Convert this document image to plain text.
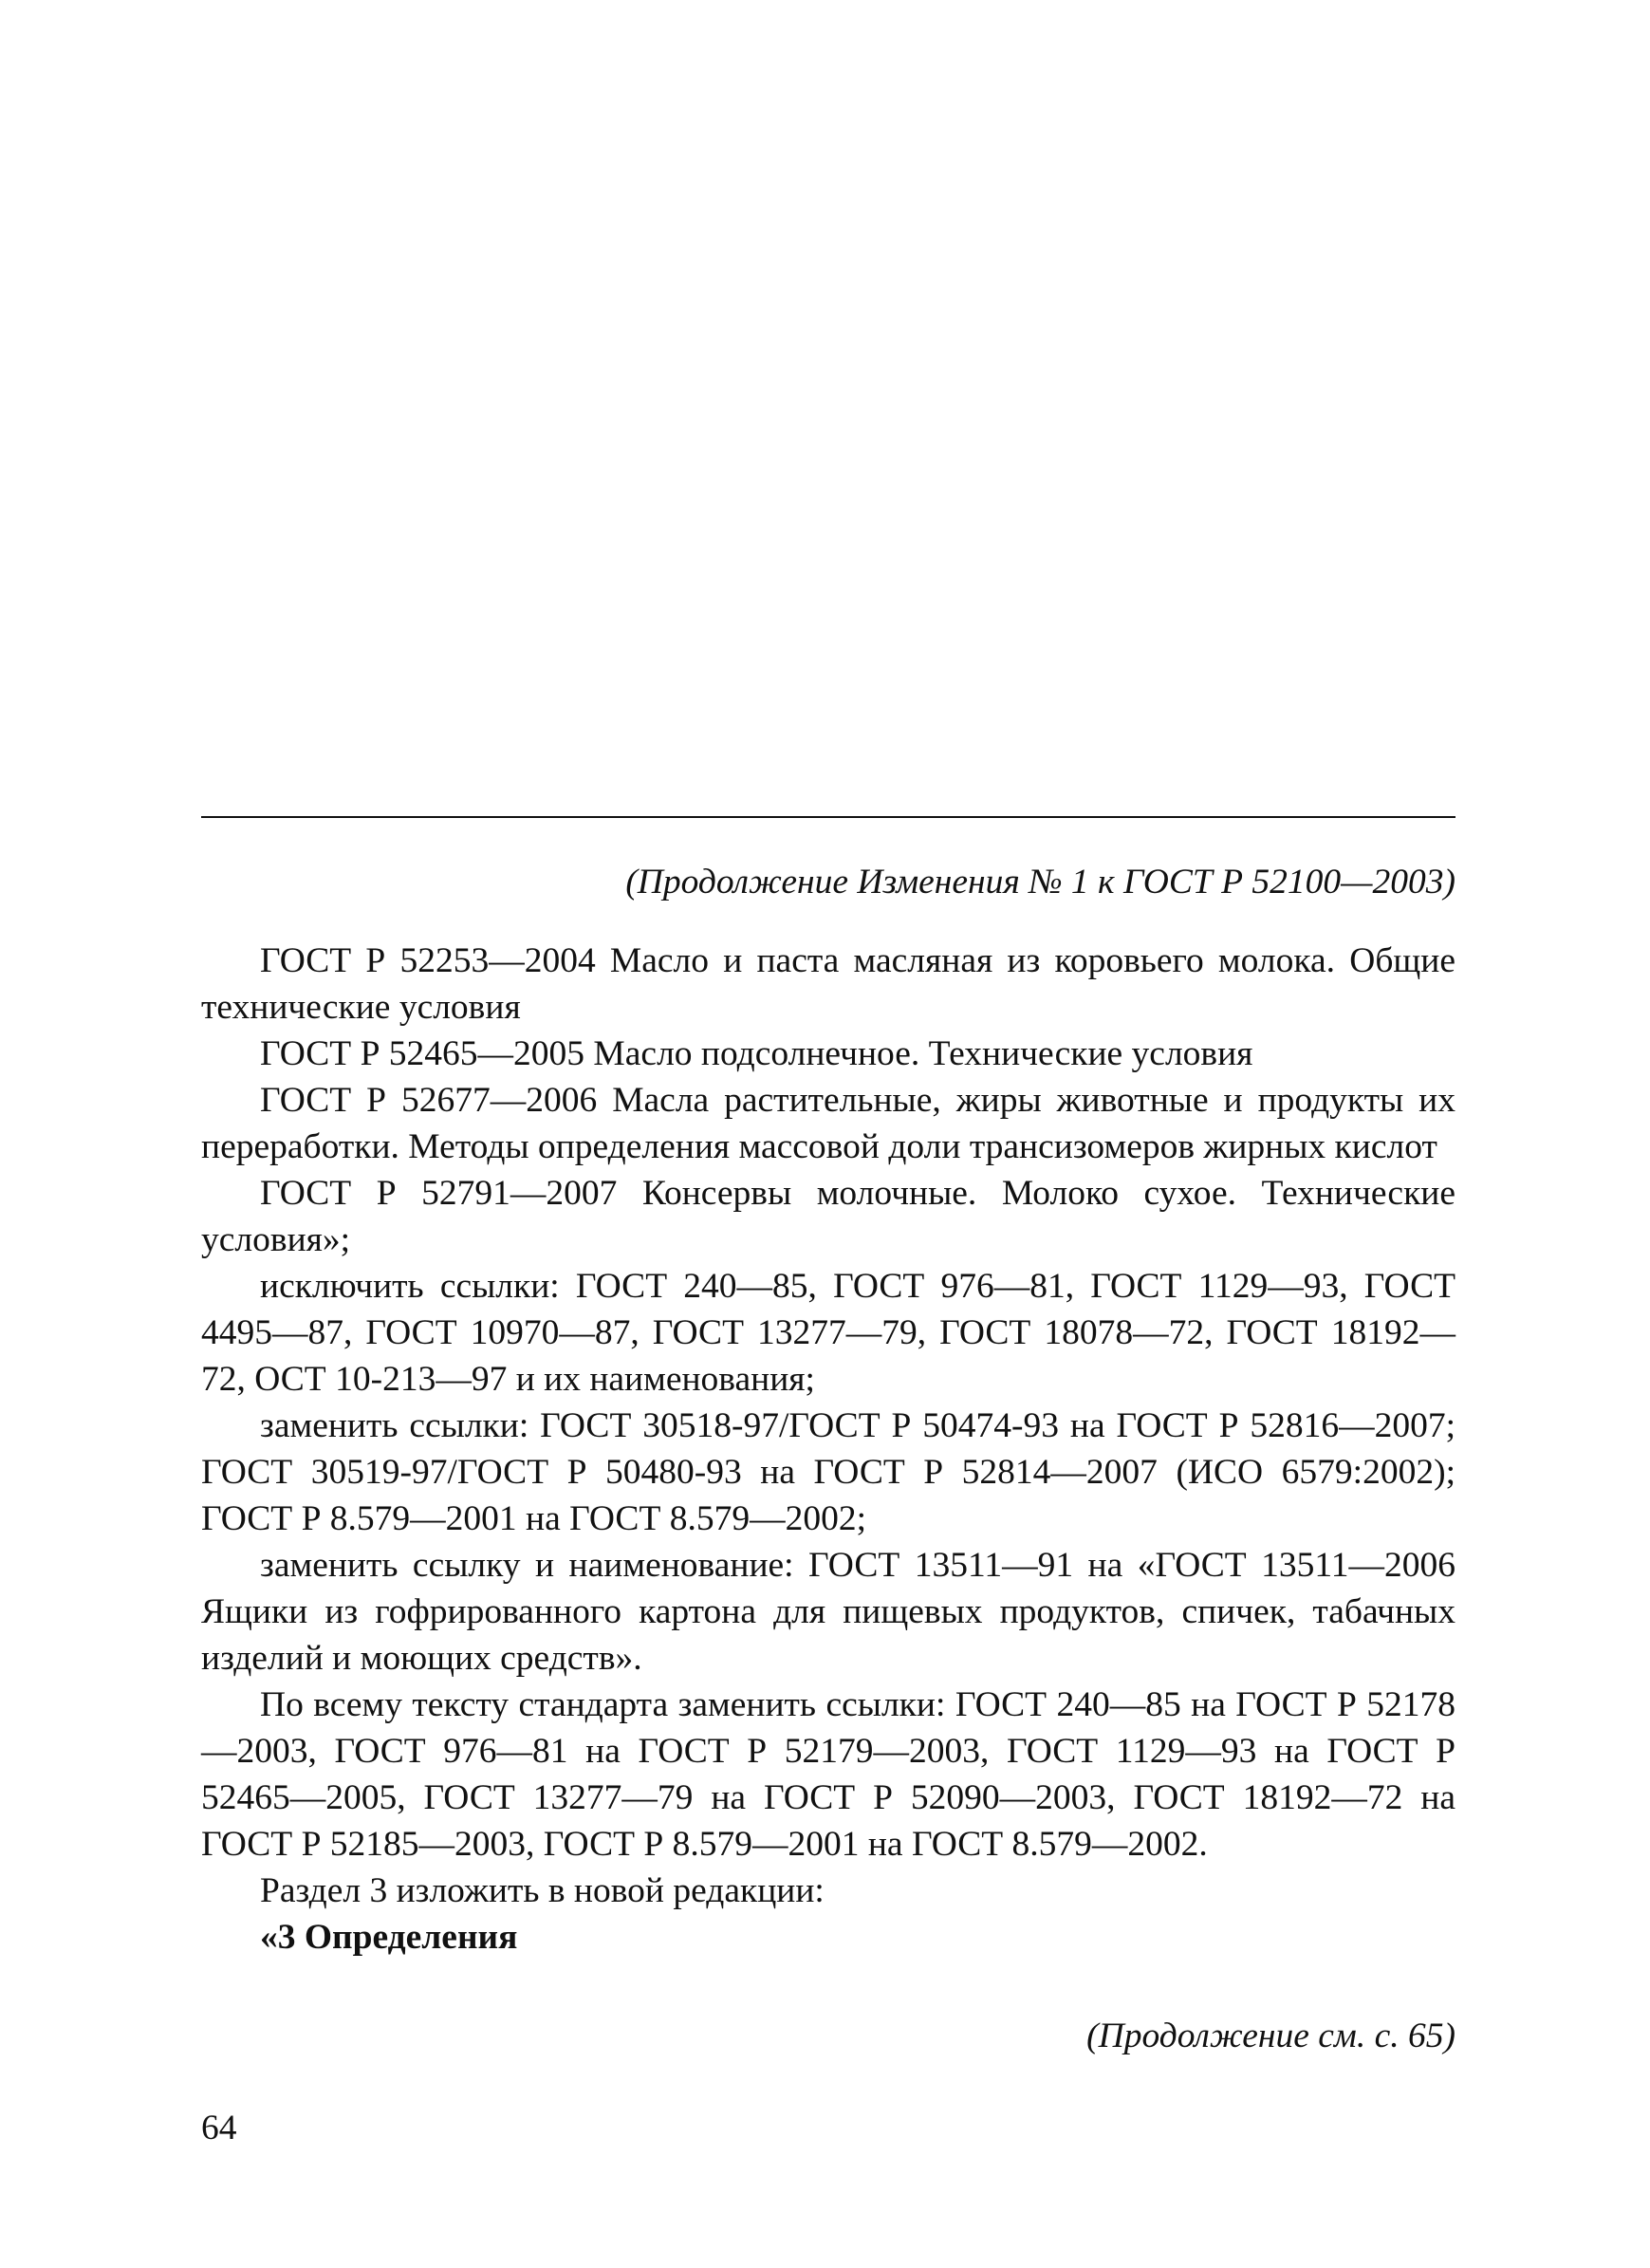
(Продолжение Изменения № 1 к ГОСТ Р 52100—2003)

ГОСТ Р 52253—2004 Масло и паста масляная из коровьего молока. Общие технические условия

ГОСТ Р 52465—2005 Масло подсолнечное. Технические условия

ГОСТ Р 52677—2006 Масла растительные, жиры животные и продукты их переработки. Методы определения массовой доли трансизомеров жирных кислот

ГОСТ Р 52791—2007 Консервы молочные. Молоко сухое. Технические условия»;

исключить ссылки: ГОСТ 240—85, ГОСТ 976—81, ГОСТ 1129—93, ГОСТ 4495—87, ГОСТ 10970—87, ГОСТ 13277—79, ГОСТ 18078—72, ГОСТ 18192—72, ОСТ 10-213—97 и их наименования;

заменить ссылки: ГОСТ 30518-97/ГОСТ Р 50474-93 на ГОСТ Р 52816—2007; ГОСТ 30519-97/ГОСТ Р 50480-93 на ГОСТ Р 52814—2007 (ИСО 6579:2002); ГОСТ Р 8.579—2001 на ГОСТ 8.579—2002;

заменить ссылку и наименование: ГОСТ 13511—91 на «ГОСТ 13511—2006 Ящики из гофрированного картона для пищевых продуктов, спичек, табачных изделий и моющих средств».

По всему тексту стандарта заменить ссылки: ГОСТ 240—85 на ГОСТ Р 52178—2003, ГОСТ 976—81 на ГОСТ Р 52179—2003, ГОСТ 1129—93 на ГОСТ Р 52465—2005, ГОСТ 13277—79 на ГОСТ Р 52090—2003, ГОСТ 18192—72 на ГОСТ Р 52185—2003, ГОСТ Р 8.579—2001 на ГОСТ 8.579—2002.

Раздел 3 изложить в новой редакции:

«3 Определения

(Продолжение см. с. 65)

64
